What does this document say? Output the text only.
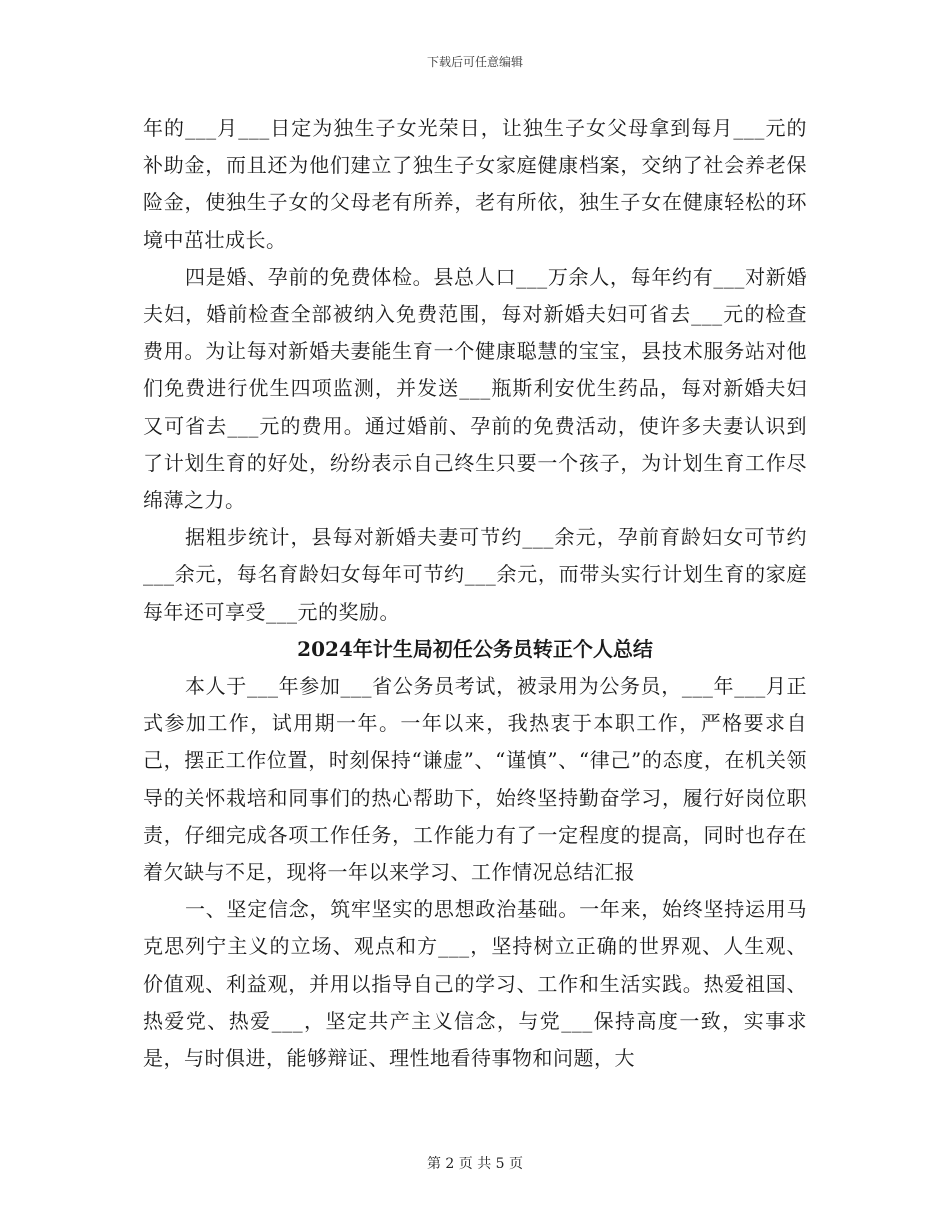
下载后可任意编辑

年的___月___日定为独生子女光荣日，让独生子女父母拿到每月___元的补助金，而且还为他们建立了独生子女家庭健康档案，交纳了社会养老保险金，使独生子女的父母老有所养，老有所依，独生子女在健康轻松的环境中茁壮成长。

四是婚、孕前的免费体检。县总人口___万余人，每年约有___对新婚夫妇，婚前检查全部被纳入免费范围，每对新婚夫妇可省去___元的检查费用。为让每对新婚夫妻能生育一个健康聪慧的宝宝，县技术服务站对他们免费进行优生四项监测，并发送___瓶斯利安优生药品，每对新婚夫妇又可省去___元的费用。通过婚前、孕前的免费活动，使许多夫妻认识到了计划生育的好处，纷纷表示自己终生只要一个孩子，为计划生育工作尽绵薄之力。

据粗步统计，县每对新婚夫妻可节约___余元，孕前育龄妇女可节约___余元，每名育龄妇女每年可节约___余元，而带头实行计划生育的家庭每年还可享受___元的奖励。

2024年计生局初任公务员转正个人总结

本人于___年参加___省公务员考试，被录用为公务员，___年___月正式参加工作，试用期一年。一年以来，我热衷于本职工作，严格要求自己，摆正工作位置，时刻保持“谦虚”、“谨慎”、“律己”的态度，在机关领导的关怀栽培和同事们的热心帮助下，始终坚持勤奋学习，履行好岗位职责，仔细完成各项工作任务，工作能力有了一定程度的提高，同时也存在着欠缺与不足，现将一年以来学习、工作情况总结汇报

一、坚定信念，筑牢坚实的思想政治基础。一年来，始终坚持运用马克思列宁主义的立场、观点和方___，坚持树立正确的世界观、人生观、价值观、利益观，并用以指导自己的学习、工作和生活实践。热爱祖国、热爱党、热爱___，坚定共产主义信念，与党___保持高度一致，实事求是，与时俱进，能够辩证、理性地看待事物和问题，大

第 2 页 共 5 页
